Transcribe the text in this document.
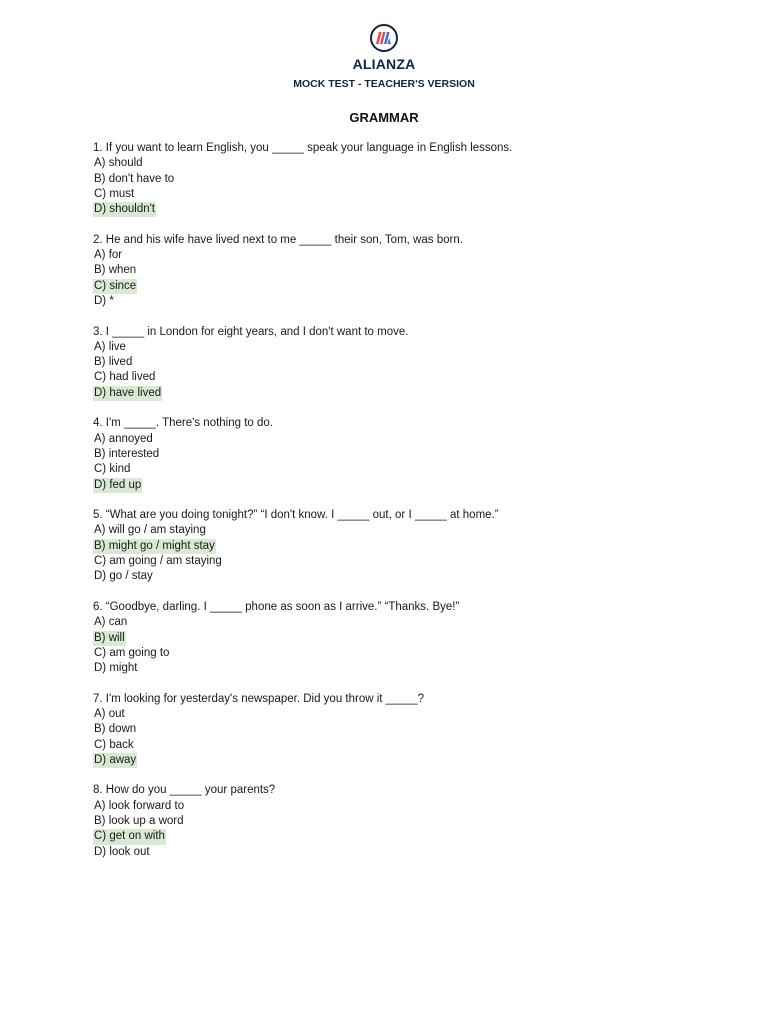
ALIANZA
MOCK TEST - TEACHER'S VERSION
GRAMMAR
1. If you want to learn English, you _____ speak your language in English lessons.
A) should
B) don't have to
C) must
D) shouldn't
2. He and his wife have lived next to me _____ their son, Tom, was born.
A) for
B) when
C) since
D) *
3. I _____ in London for eight years, and I don't want to move.
A) live
B) lived
C) had lived
D) have lived
4. I'm _____. There's nothing to do.
A) annoyed
B) interested
C) kind
D) fed up
5. “What are you doing tonight?” “I don't know. I _____ out, or I _____ at home.”
A) will go / am staying
B) might go / might stay
C) am going / am staying
D) go / stay
6. “Goodbye, darling. I _____ phone as soon as I arrive.” “Thanks. Bye!”
A) can
B) will
C) am going to
D) might
7. I'm looking for yesterday's newspaper. Did you throw it _____?
A) out
B) down
C) back
D) away
8. How do you _____ your parents?
A) look forward to
B) look up a word
C) get on with
D) look out
